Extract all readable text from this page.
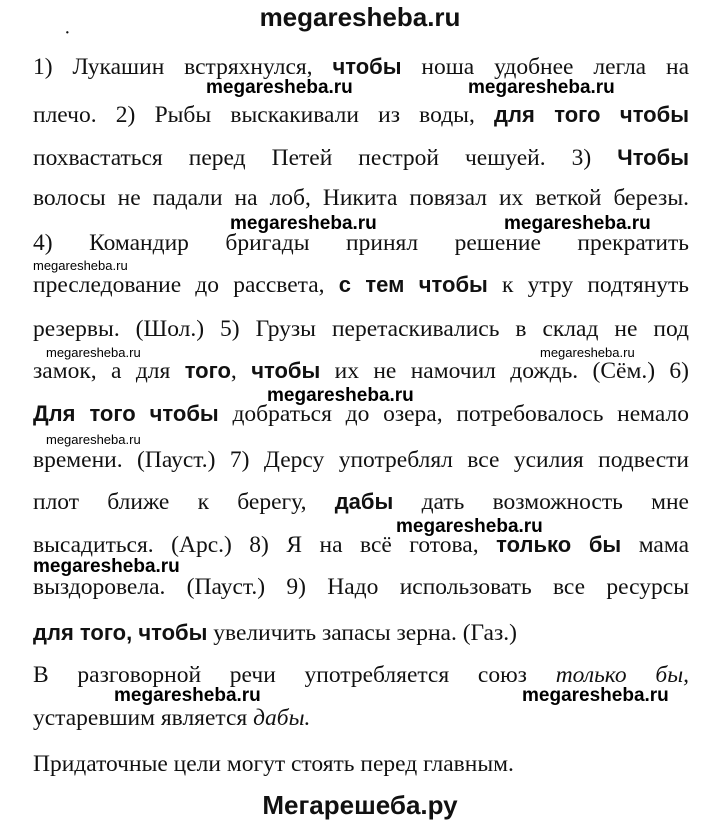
megaresheba.ru
·
1) Лукашин встряхнулся, чтобы ноша удобнее легла на
плечо. 2) Рыбы выскакивали из воды, для того чтобы
похвастаться перед Петей пестрой чешуей. 3) Чтобы
волосы не падали на лоб, Никита повязал их веткой березы.
4) Командир бригады принял решение прекратить
преследование до рассвета, с тем чтобы к утру подтянуть
резервы. (Шол.) 5) Грузы перетаскивались в склад не под
замок, а для того, чтобы их не намочил дождь. (Сём.) 6)
Для того чтобы добраться до озера, потребовалось немало
времени. (Пауст.) 7) Дерсу употреблял все усилия подвести
плот ближе к берегу, дабы дать возможность мне
высадиться. (Арс.) 8) Я на всё готова, только бы мама
выздоровела. (Пауст.) 9) Надо использовать все ресурсы
для того, чтобы увеличить запасы зерна. (Газ.)
В разговорной речи употребляется союз только бы,
устаревшим является дабы.
Придаточные цели могут стоять перед главным.
megaresheba.ru	megaresheba.ru
megaresheba.ru	megaresheba.ru
megaresheba.ru
megaresheba.ru	megaresheba.ru
megaresheba.ru
megaresheba.ru
megaresheba.ru
megaresheba.ru
megaresheba.ru	megaresheba.ru
Мегарешеба.ру
